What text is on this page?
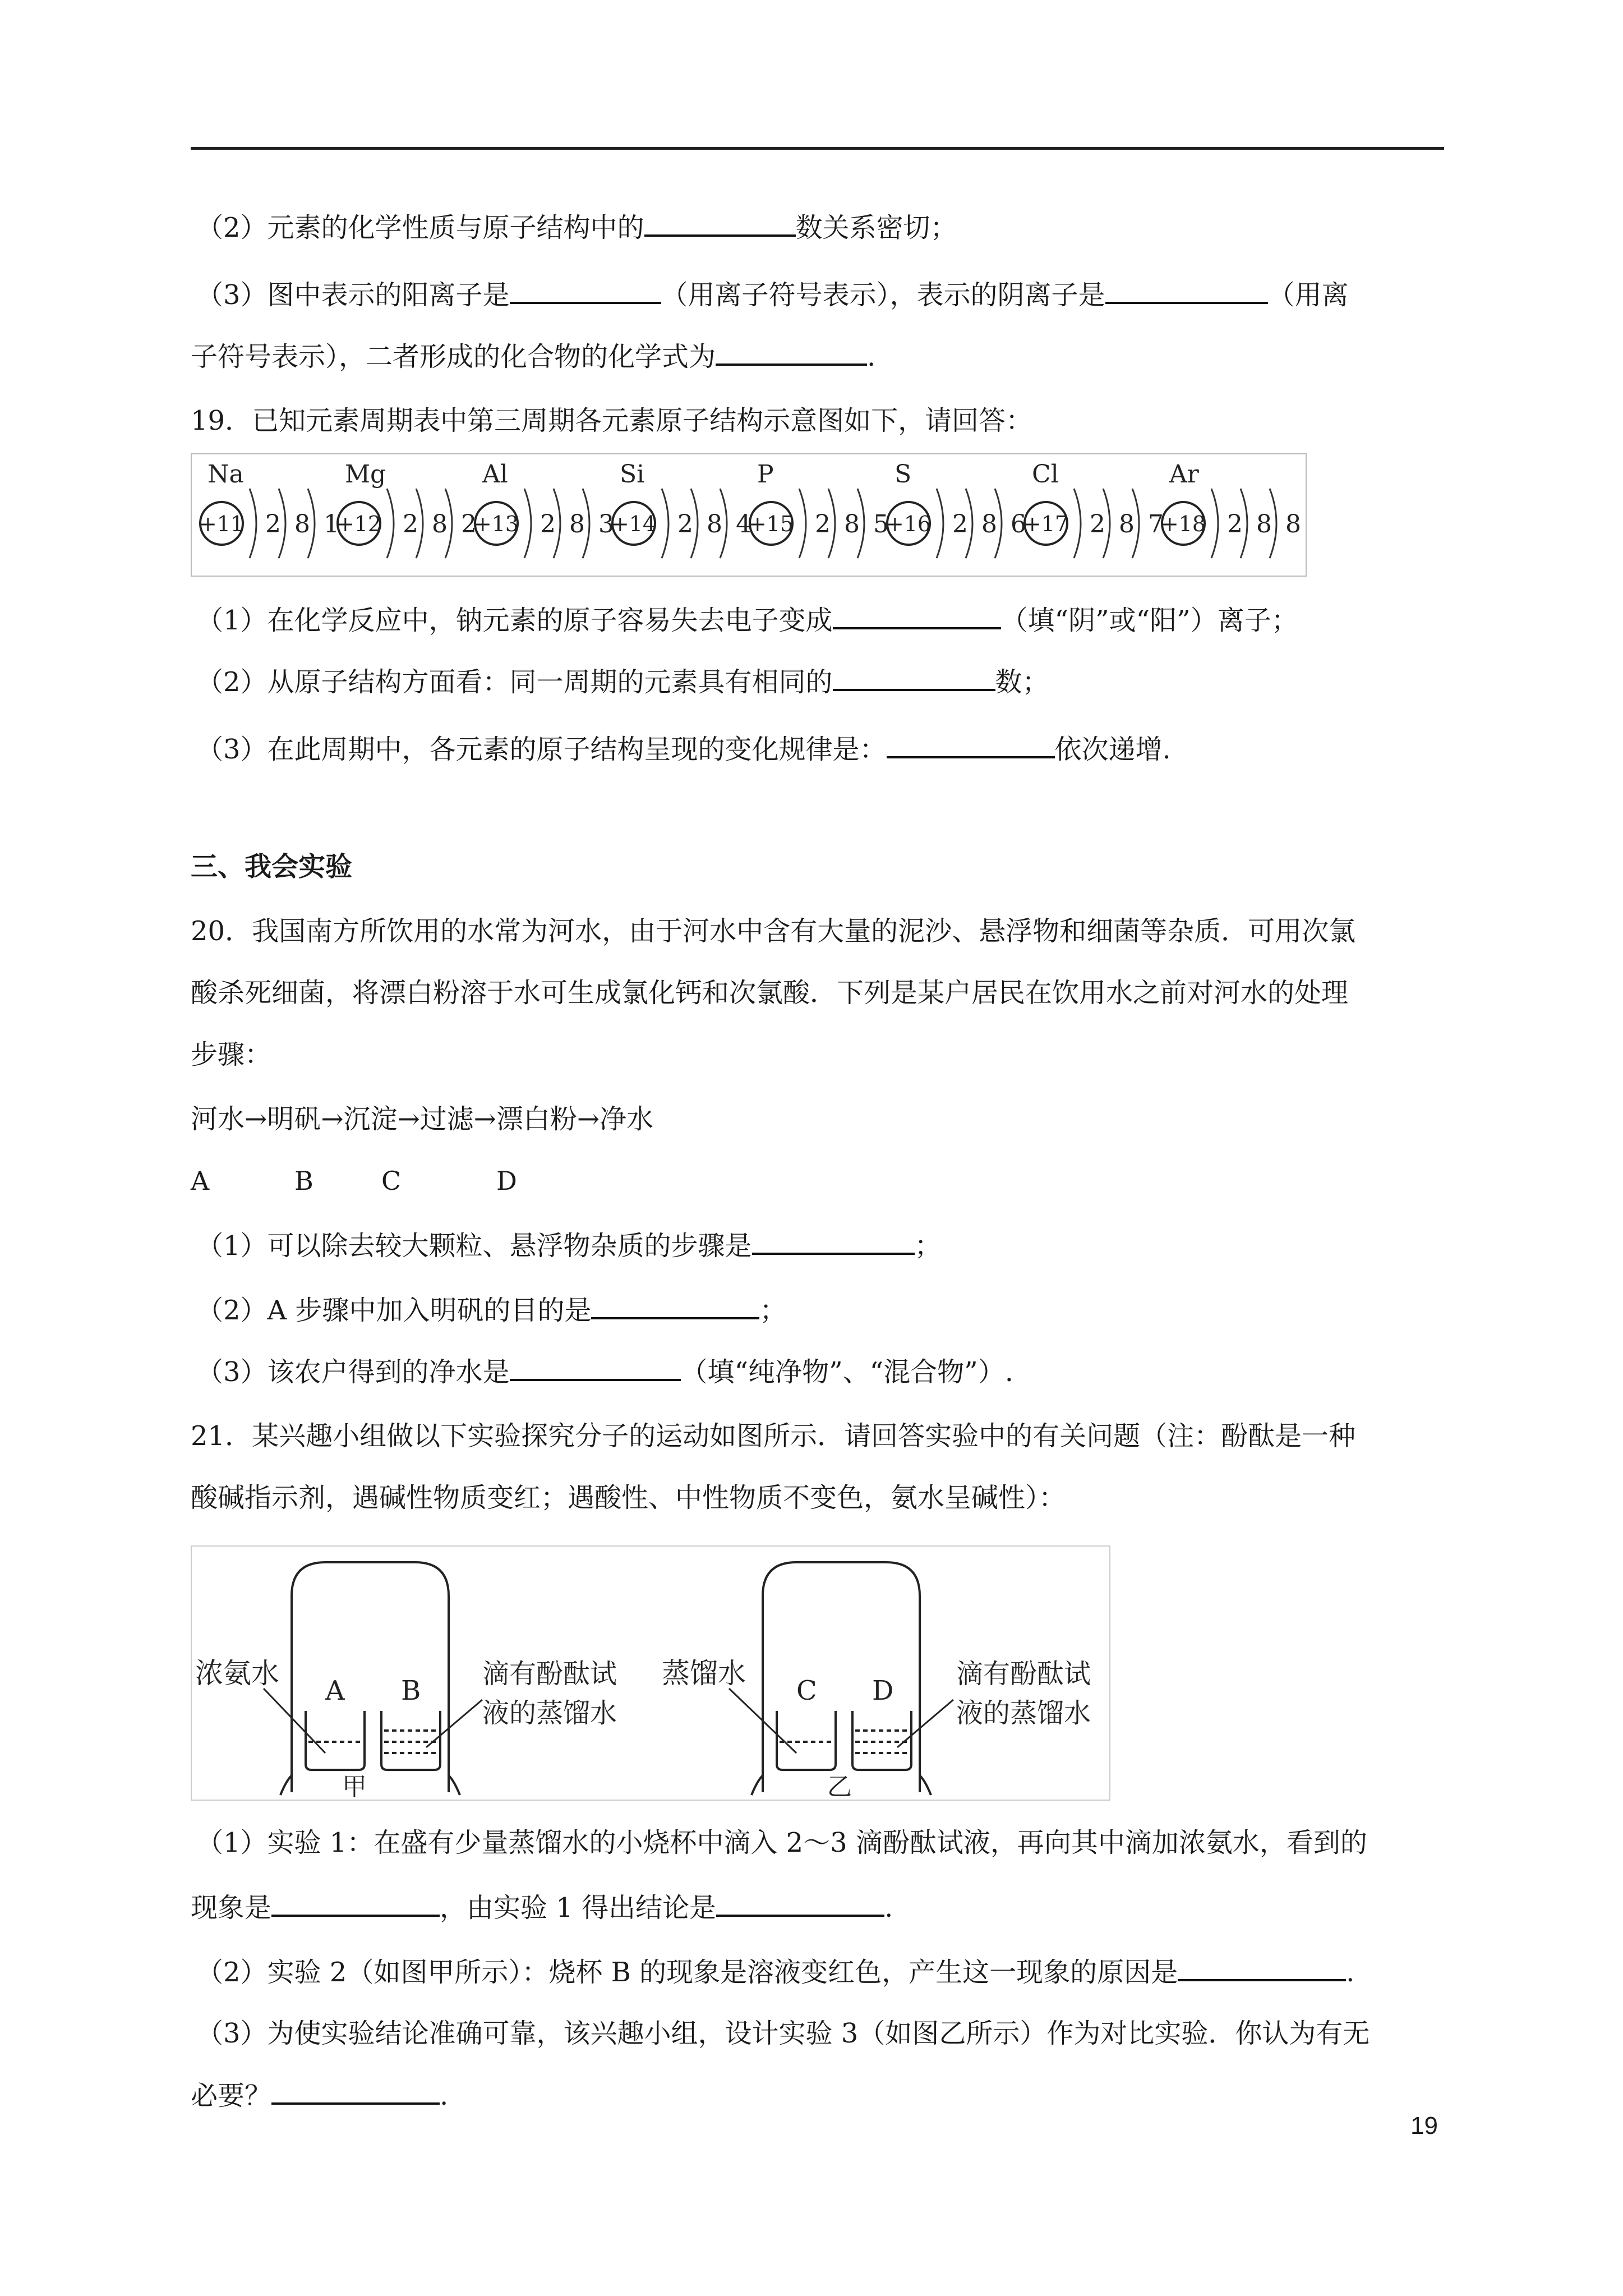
（2）元素的化学性质与原子结构中的	数关系密切；
（3）图中表示的阳离子是	（用离子符号表示），表示的阴离子是	（用离
子符号表示），二者形成的化合物的化学式为	.
19．已知元素周期表中第三周期各元素原子结构示意图如下，请回答：
Na
+11 2 8 1
Mg
+12 2 8 2
Al
+13 2 8 3
Si
+14 2 8 4
P
+15 2 8 5
S
+16 2 8 6
Cl
+17 2 8 7
Ar
+18 2 8 8
（1）在化学反应中，钠元素的原子容易失去电子变成	（填“阴”或“阳”）离子；
（2）从原子结构方面看：同一周期的元素具有相同的	数；
（3）在此周期中，各元素的原子结构呈现的变化规律是：	依次递增.
三、我会实验
20．我国南方所饮用的水常为河水，由于河水中含有大量的泥沙、悬浮物和细菌等杂质．可用次氯
酸杀死细菌，将漂白粉溶于水可生成氯化钙和次氯酸．下列是某户居民在饮用水之前对河水的处理
步骤：
河水→明矾→沉淀→过滤→漂白粉→净水
A	B	C	D
（1）可以除去较大颗粒、悬浮物杂质的步骤是	；
（2）A 步骤中加入明矾的目的是	；
（3）该农户得到的净水是	（填“纯净物”、“混合物”）.
21．某兴趣小组做以下实验探究分子的运动如图所示．请回答实验中的有关问题（注：酚酞是一种
酸碱指示剂，遇碱性物质变红；遇酸性、中性物质不变色，氨水呈碱性）：
浓氨水
A B
滴有酚酞试
液的蒸馏水
甲
蒸馏水
C D
滴有酚酞试
液的蒸馏水
乙
（1）实验 1：在盛有少量蒸馏水的小烧杯中滴入 2～3 滴酚酞试液，再向其中滴加浓氨水，看到的
现象是	，由实验 1 得出结论是	.
（2）实验 2（如图甲所示）：烧杯 B 的现象是溶液变红色，产生这一现象的原因是	.
（3）为使实验结论准确可靠，该兴趣小组，设计实验 3（如图乙所示）作为对比实验．你认为有无
必要？	.
19
